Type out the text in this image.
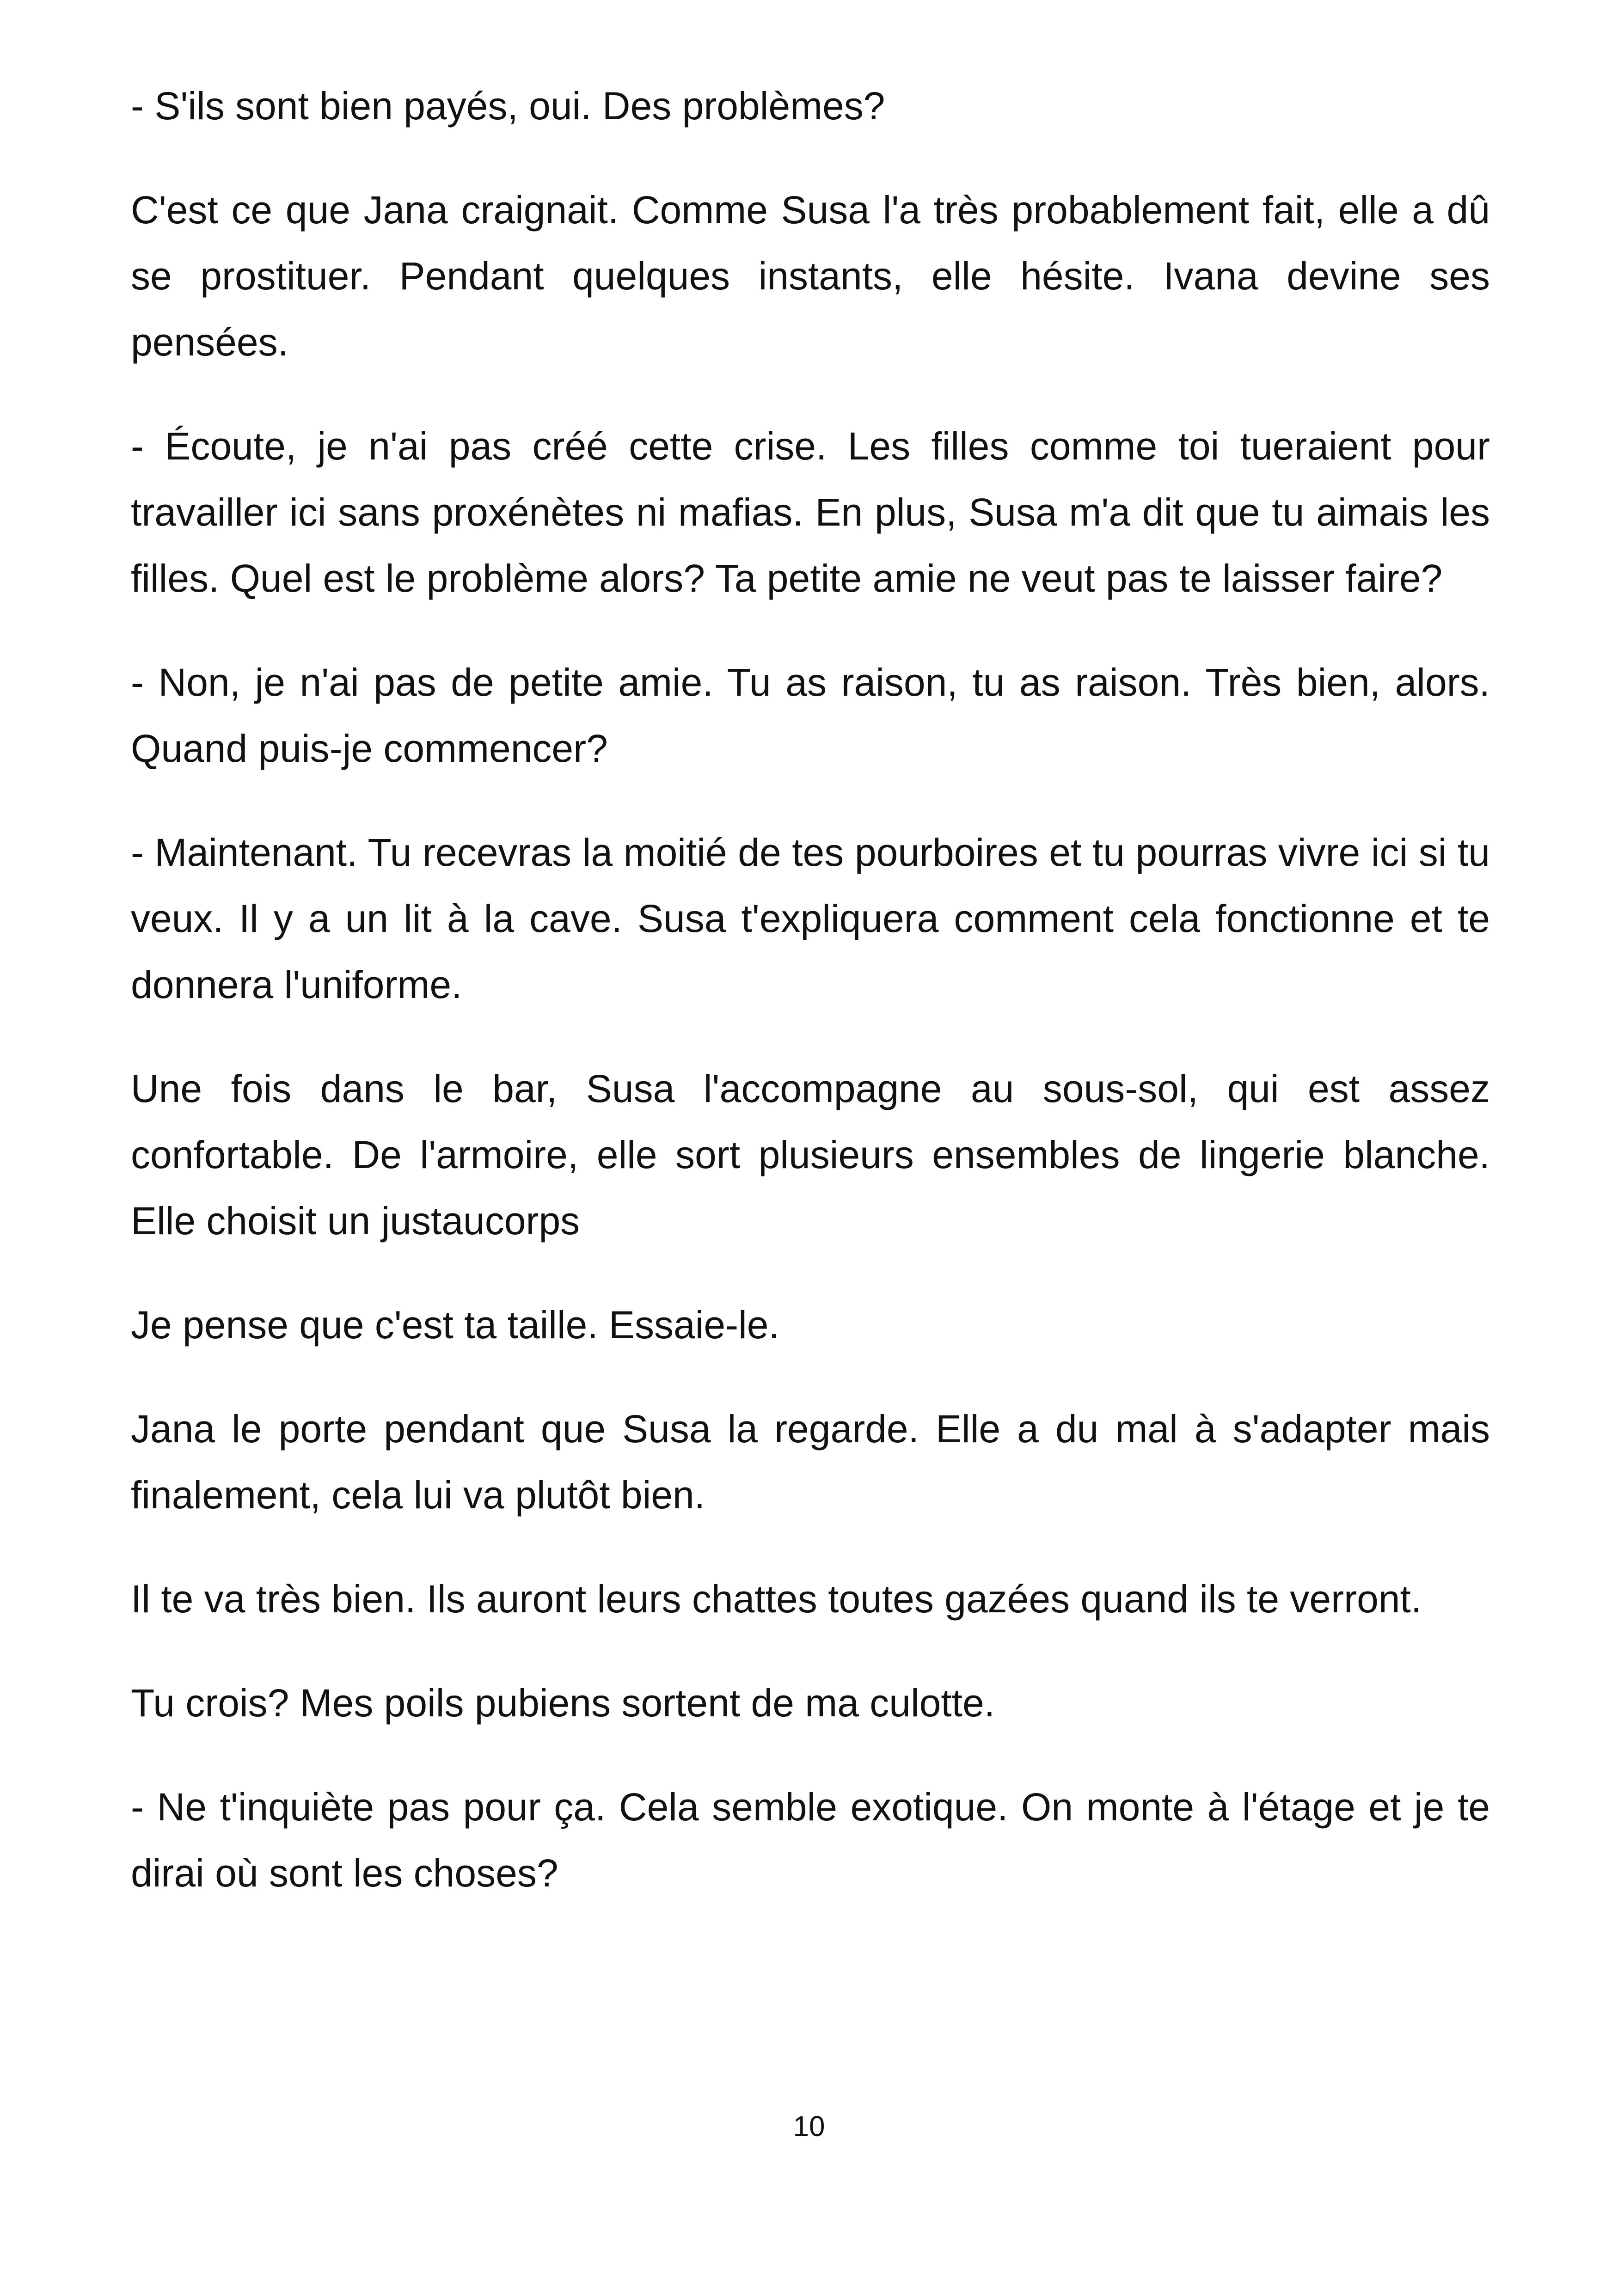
- S'ils sont bien payés, oui. Des problèmes?

C'est ce que Jana craignait. Comme Susa l'a très probablement fait, elle a dû se prostituer. Pendant quelques instants, elle hésite. Ivana devine ses pensées.

- Écoute, je n'ai pas créé cette crise. Les filles comme toi tueraient pour travailler ici sans proxénètes ni mafias. En plus, Susa m'a dit que tu aimais les filles. Quel est le problème alors? Ta petite amie ne veut pas te laisser faire?

- Non, je n'ai pas de petite amie. Tu as raison, tu as raison. Très bien, alors. Quand puis-je commencer?

- Maintenant. Tu recevras la moitié de tes pourboires et tu pourras vivre ici si tu veux. Il y a un lit à la cave. Susa t'expliquera comment cela fonctionne et te donnera l'uniforme.

Une fois dans le bar, Susa l'accompagne au sous-sol, qui est assez confortable. De l'armoire, elle sort plusieurs ensembles de lingerie blanche. Elle choisit un justaucorps

Je pense que c'est ta taille. Essaie-le.

Jana le porte pendant que Susa la regarde. Elle a du mal à s'adapter mais finalement, cela lui va plutôt bien.

Il te va très bien. Ils auront leurs chattes toutes gazées quand ils te verront.

Tu crois? Mes poils pubiens sortent de ma culotte.

- Ne t'inquiète pas pour ça. Cela semble exotique. On monte à l'étage et je te dirai où sont les choses?

10
